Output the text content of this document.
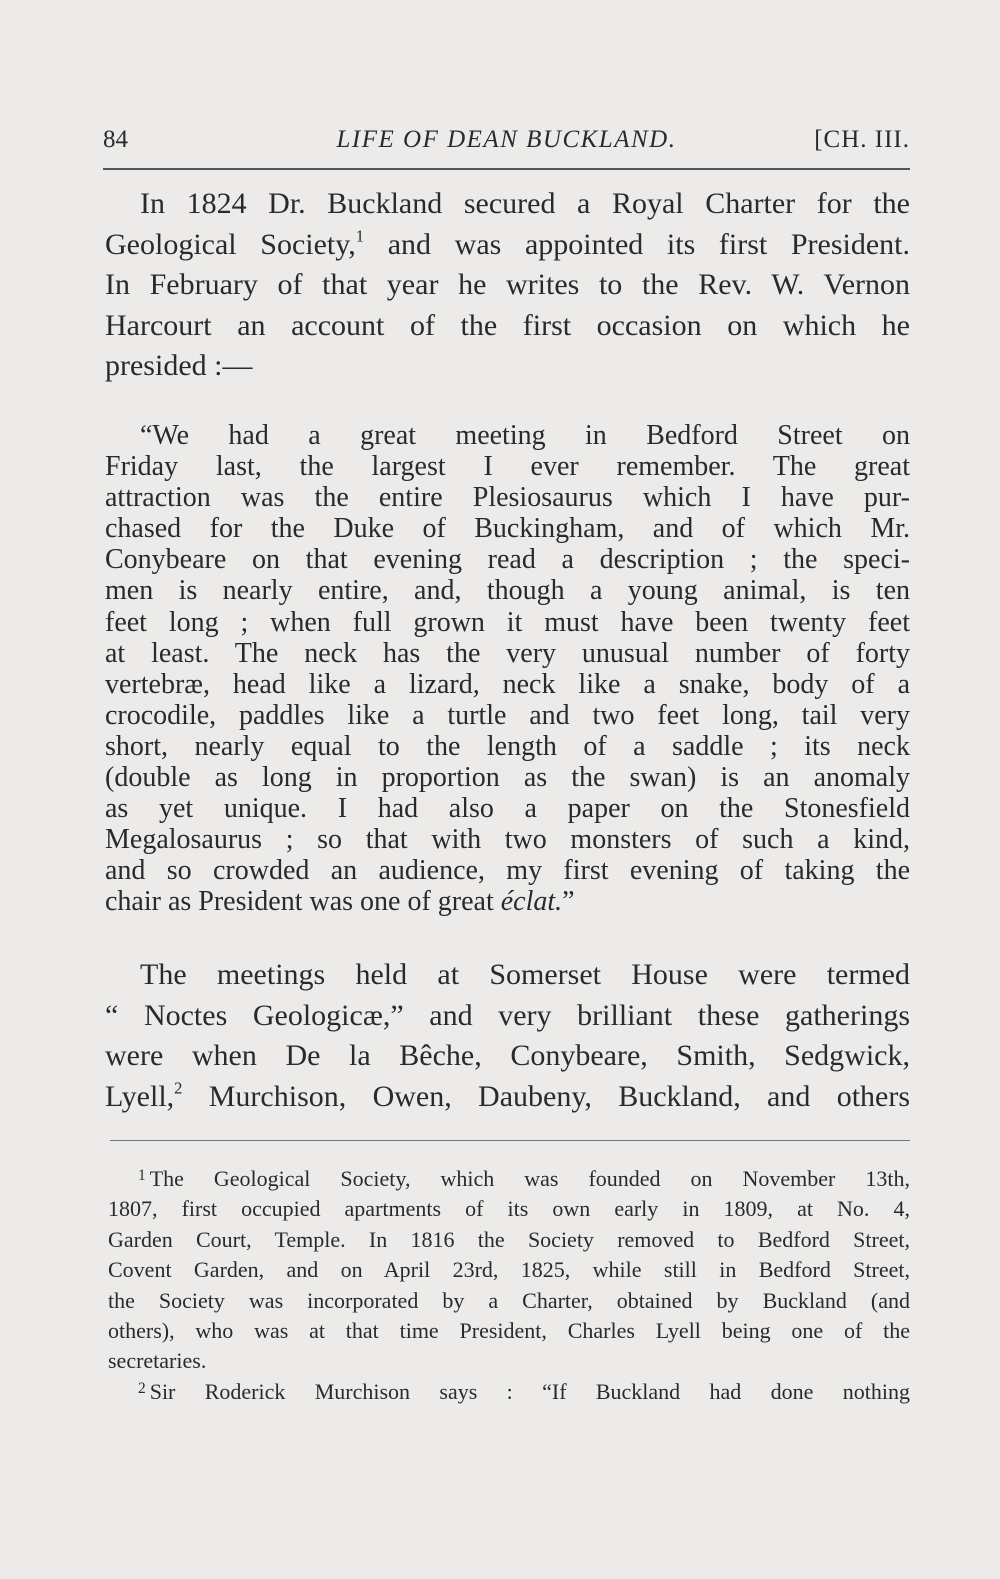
84	LIFE OF DEAN BUCKLAND.	[CH. III.

In 1824 Dr. Buckland secured a Royal Charter for the
Geological Society,$^1$ and was appointed its first President.
In February of that year he writes to the Rev. W. Vernon
Harcourt an account of the first occasion on which he
presided :—

“We had a great meeting in Bedford Street on
Friday last, the largest I ever remember. The great
attraction was the entire Plesiosaurus which I have pur-
chased for the Duke of Buckingham, and of which Mr.
Conybeare on that evening read a description ; the speci-
men is nearly entire, and, though a young animal, is ten
feet long ; when full grown it must have been twenty feet
at least. The neck has the very unusual number of forty
vertebræ, head like a lizard, neck like a snake, body of a
crocodile, paddles like a turtle and two feet long, tail very
short, nearly equal to the length of a saddle ; its neck
(double as long in proportion as the swan) is an anomaly
as yet unique. I had also a paper on the Stonesfield
Megalosaurus ; so that with two monsters of such a kind,
and so crowded an audience, my first evening of taking the
chair as President was one of great éclat.”

The meetings held at Somerset House were termed
“ Noctes Geologicæ,” and very brilliant these gatherings
were when De la Bêche, Conybeare, Smith, Sedgwick,
Lyell,$^2$ Murchison, Owen, Daubeny, Buckland, and others

$^1$ The Geological Society, which was founded on November 13th,
1807, first occupied apartments of its own early in 1809, at No. 4,
Garden Court, Temple. In 1816 the Society removed to Bedford Street,
Covent Garden, and on April 23rd, 1825, while still in Bedford Street,
the Society was incorporated by a Charter, obtained by Buckland (and
others), who was at that time President, Charles Lyell being one of the
secretaries.
$^2$ Sir Roderick Murchison says : “If Buckland had done nothing
